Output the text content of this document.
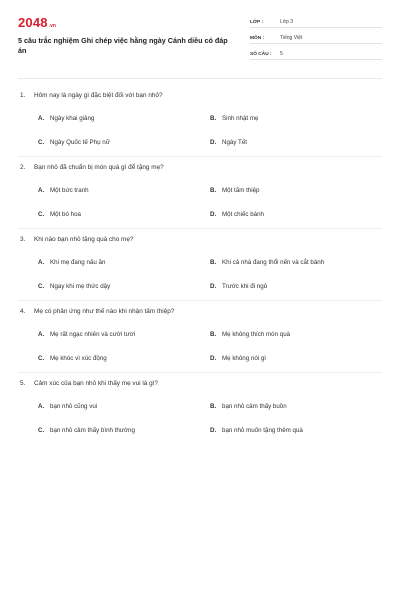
2048 .vn
5 câu trắc nghiệm Ghi chép việc hằng ngày Cánh diều có đáp án
LỚP :	Lớp 3
MÔN :	Tiếng Việt
SỐ CÂU :	5
1.	Hôm nay là ngày gì đặc biệt đối với bạn nhỏ?
A. Ngày khai giảng	B. Sinh nhật mẹ
C. Ngày Quốc tế Phụ nữ	D. Ngày Tết
2.	Bạn nhỏ đã chuẩn bị món quà gì để tặng mẹ?
A. Một bức tranh	B. Một tấm thiệp
C. Một bó hoa	D. Một chiếc bánh
3.	Khi nào bạn nhỏ tặng quà cho mẹ?
A. Khi mẹ đang nấu ăn	B. Khi cả nhà đang thổi nến và cắt bánh
C. Ngay khi mẹ thức dậy	D. Trước khi đi ngủ
4.	Mẹ có phản ứng như thế nào khi nhận tấm thiệp?
A. Mẹ rất ngạc nhiên và cười tươi	B. Mẹ không thích món quà
C. Mẹ khóc vì xúc động	D. Mẹ không nói gì
5.	Cảm xúc của bạn nhỏ khi thấy mẹ vui là gì?
A. bạn nhỏ cũng vui	B. bạn nhỏ cảm thấy buồn
C. bạn nhỏ cảm thấy bình thường	D. bạn nhỏ muốn tặng thêm quà
